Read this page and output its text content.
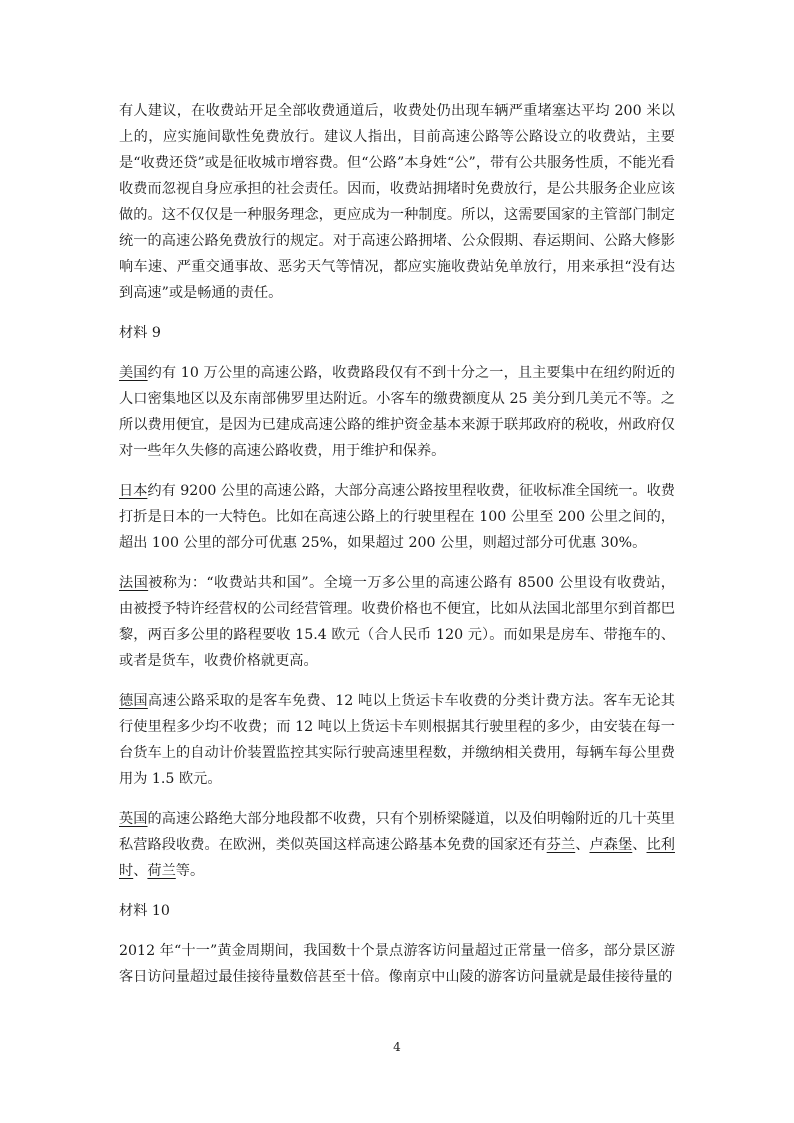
有人建议，在收费站开足全部收费通道后，收费处仍出现车辆严重堵塞达平均 200 米以上的，应实施间歇性免费放行。建议人指出，目前高速公路等公路设立的收费站，主要是“收费还贷”或是征收城市增容费。但“公路”本身姓“公”，带有公共服务性质，不能光看收费而忽视自身应承担的社会责任。因而，收费站拥堵时免费放行，是公共服务企业应该做的。这不仅仅是一种服务理念，更应成为一种制度。所以，这需要国家的主管部门制定统一的高速公路免费放行的规定。对于高速公路拥堵、公众假期、春运期间、公路大修影响车速、严重交通事故、恶劣天气等情况，都应实施收费站免单放行，用来承担“没有达到高速”或是畅通的责任。

材料 9

美国约有 10 万公里的高速公路，收费路段仅有不到十分之一，且主要集中在纽约附近的人口密集地区以及东南部佛罗里达附近。小客车的缴费额度从 25 美分到几美元不等。之所以费用便宜，是因为已建成高速公路的维护资金基本来源于联邦政府的税收，州政府仅对一些年久失修的高速公路收费，用于维护和保养。

日本约有 9200 公里的高速公路，大部分高速公路按里程收费，征收标准全国统一。收费打折是日本的一大特色。比如在高速公路上的行驶里程在 100 公里至 200 公里之间的，超出 100 公里的部分可优惠 25%，如果超过 200 公里，则超过部分可优惠 30%。

法国被称为：“收费站共和国”。全境一万多公里的高速公路有 8500 公里设有收费站，由被授予特许经营权的公司经营管理。收费价格也不便宜，比如从法国北部里尔到首都巴黎，两百多公里的路程要收 15.4 欧元（合人民币 120 元）。而如果是房车、带拖车的、或者是货车，收费价格就更高。

德国高速公路采取的是客车免费、12 吨以上货运卡车收费的分类计费方法。客车无论其行使里程多少均不收费；而 12 吨以上货运卡车则根据其行驶里程的多少，由安装在每一台货车上的自动计价装置监控其实际行驶高速里程数，并缴纳相关费用，每辆车每公里费用为 1.5 欧元。

英国的高速公路绝大部分地段都不收费，只有个别桥梁隧道，以及伯明翰附近的几十英里私营路段收费。在欧洲，类似英国这样高速公路基本免费的国家还有芬兰、卢森堡、比利时、荷兰等。

材料 10

2012 年“十一”黄金周期间，我国数十个景点游客访问量超过正常量一倍多，部分景区游客日访问量超过最佳接待量数倍甚至十倍。像南京中山陵的游客访问量就是最佳接待量的

4
